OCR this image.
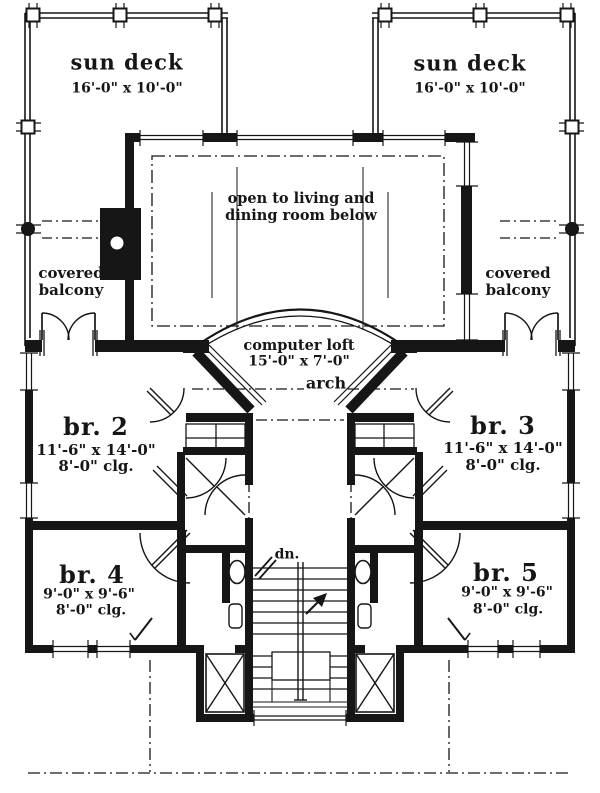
sun deck
16'-0" x 10'-0"
sun deck
16'-0" x 10'-0"
open to living and
dining room below
covered
balcony
covered
balcony
computer loft
15'-0" x 7'-0"
arch
br. 2
11'-6" x 14'-0"
8'-0" clg.
br. 3
11'-6" x 14'-0"
8'-0" clg.
br. 4
9'-0" x 9'-6"
8'-0" clg.
br. 5
9'-0" x 9'-6"
8'-0" clg.
dn.
